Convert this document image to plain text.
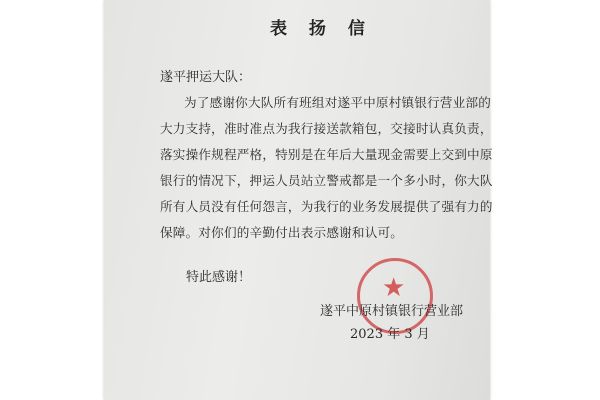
表 扬 信
遂平押运大队：
为了感谢你大队所有班组对遂平中原村镇银行营业部的
大力支持，准时准点为我行接送款箱包，交接时认真负责，
落实操作规程严格，特别是在年后大量现金需要上交到中原
银行的情况下，押运人员站立警戒都是一个多小时，你大队
所有人员没有任何怨言，为我行的业务发展提供了强有力的
保障。对你们的辛勤付出表示感谢和认可。
特此感谢！	★
遂平中原村镇银行营业部
2023 年 3 月
